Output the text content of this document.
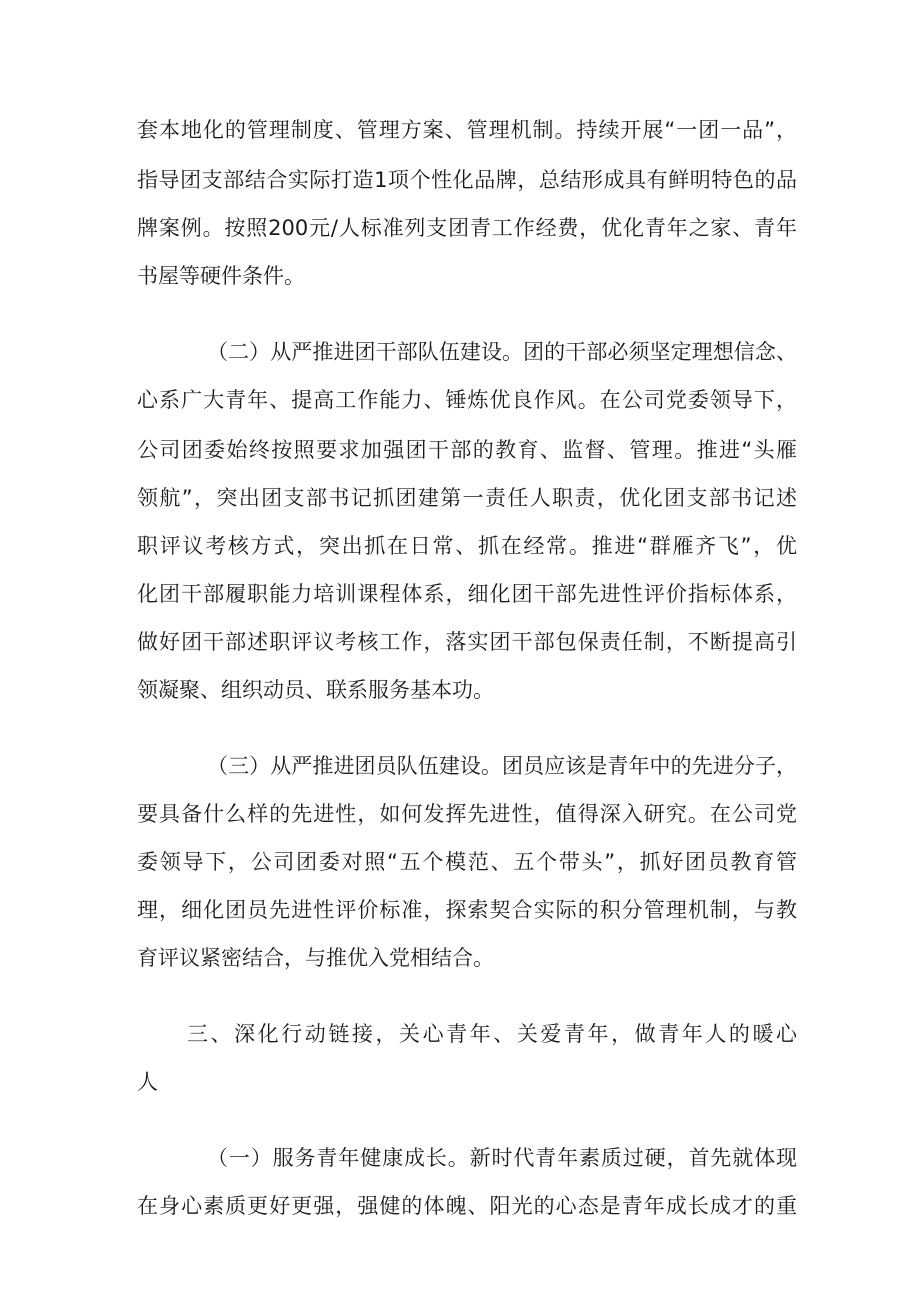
套本地化的管理制度、管理方案、管理机制。持续开展“一团一品”，
指导团支部结合实际打造1项个性化品牌，总结形成具有鲜明特色的品
牌案例。按照200元/人标准列支团青工作经费，优化青年之家、青年
书屋等硬件条件。
（二）从严推进团干部队伍建设。团的干部必须坚定理想信念、
心系广大青年、提高工作能力、锤炼优良作风。在公司党委领导下，
公司团委始终按照要求加强团干部的教育、监督、管理。推进“头雁
领航”，突出团支部书记抓团建第一责任人职责，优化团支部书记述
职评议考核方式，突出抓在日常、抓在经常。推进“群雁齐飞”，优
化团干部履职能力培训课程体系，细化团干部先进性评价指标体系，
做好团干部述职评议考核工作，落实团干部包保责任制，不断提高引
领凝聚、组织动员、联系服务基本功。
（三）从严推进团员队伍建设。团员应该是青年中的先进分子，
要具备什么样的先进性，如何发挥先进性，值得深入研究。在公司党
委领导下，公司团委对照“五个模范、五个带头”，抓好团员教育管
理，细化团员先进性评价标准，探索契合实际的积分管理机制，与教
育评议紧密结合，与推优入党相结合。
三、深化行动链接，关心青年、关爱青年，做青年人的暖心
人
（一）服务青年健康成长。新时代青年素质过硬，首先就体现
在身心素质更好更强，强健的体魄、阳光的心态是青年成长成才的重
